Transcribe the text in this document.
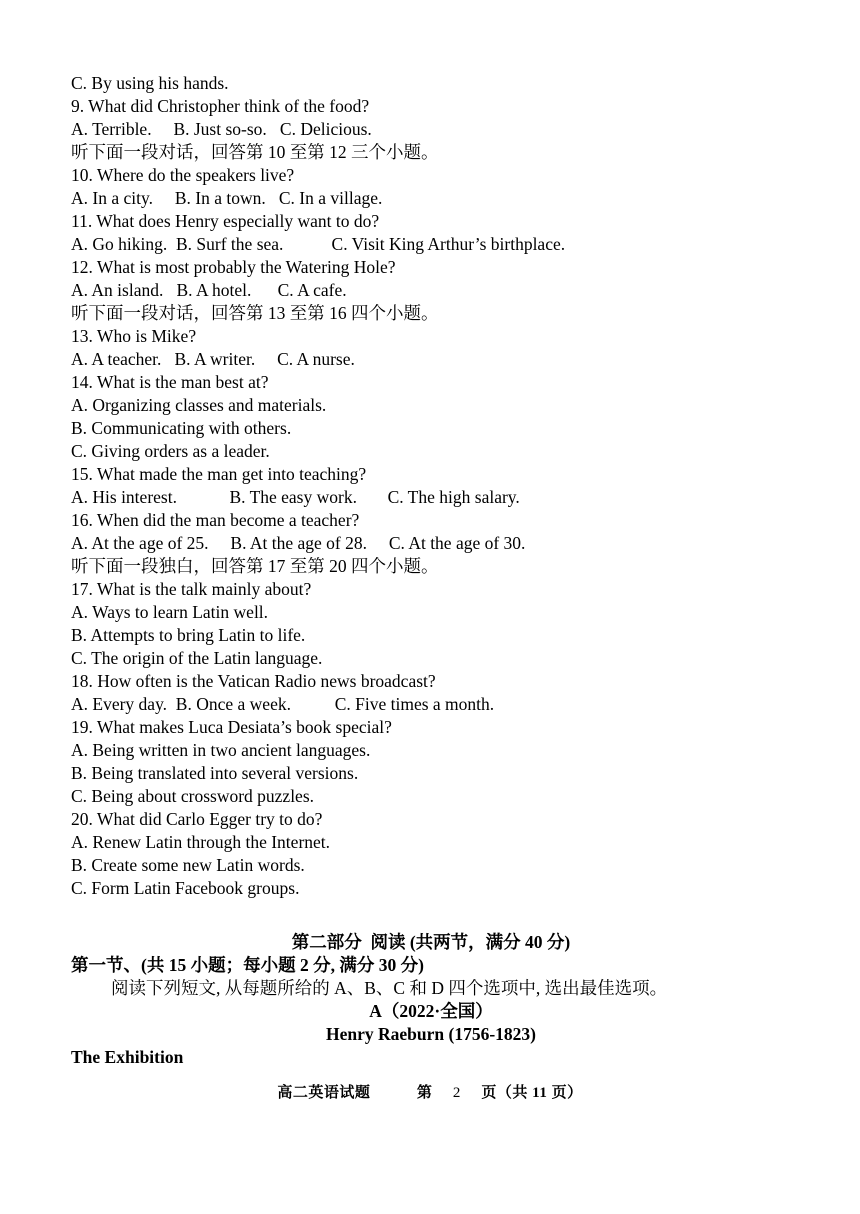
C. By using his hands.
9. What did Christopher think of the food?
A. Terrible.     B. Just so-so.   C. Delicious.
听下面一段对话，回答第 10 至第 12 三个小题。
10. Where do the speakers live?
A. In a city.     B. In a town.   C. In a village.
11. What does Henry especially want to do?
A. Go hiking.  B. Surf the sea.           C. Visit King Arthur’s birthplace.
12. What is most probably the Watering Hole?
A. An island.   B. A hotel.      C. A cafe.
听下面一段对话，回答第 13 至第 16 四个小题。
13. Who is Mike?
A. A teacher.   B. A writer.     C. A nurse.
14. What is the man best at?
A. Organizing classes and materials.
B. Communicating with others.
C. Giving orders as a leader.
15. What made the man get into teaching?
A. His interest.            B. The easy work.       C. The high salary.
16. When did the man become a teacher?
A. At the age of 25.     B. At the age of 28.     C. At the age of 30.
听下面一段独白，回答第 17 至第 20 四个小题。
17. What is the talk mainly about?
A. Ways to learn Latin well.
B. Attempts to bring Latin to life.
C. The origin of the Latin language.
18. How often is the Vatican Radio news broadcast?
A. Every day.  B. Once a week.          C. Five times a month.
19. What makes Luca Desiata’s book special?
A. Being written in two ancient languages.
B. Being translated into several versions.
C. Being about crossword puzzles.
20. What did Carlo Egger try to do?
A. Renew Latin through the Internet.
B. Create some new Latin words.
C. Form Latin Facebook groups.
第二部分  阅读 (共两节，满分 40 分)
第一节、(共 15 小题；每小题 2 分, 满分 30 分)
阅读下列短文, 从每题所给的 A、B、C 和 D 四个选项中, 选出最佳选项。
A（2022·全国）
Henry Raeburn (1756-1823)
The Exhibition
高二英语试题	第 2 页（共 11 页）
